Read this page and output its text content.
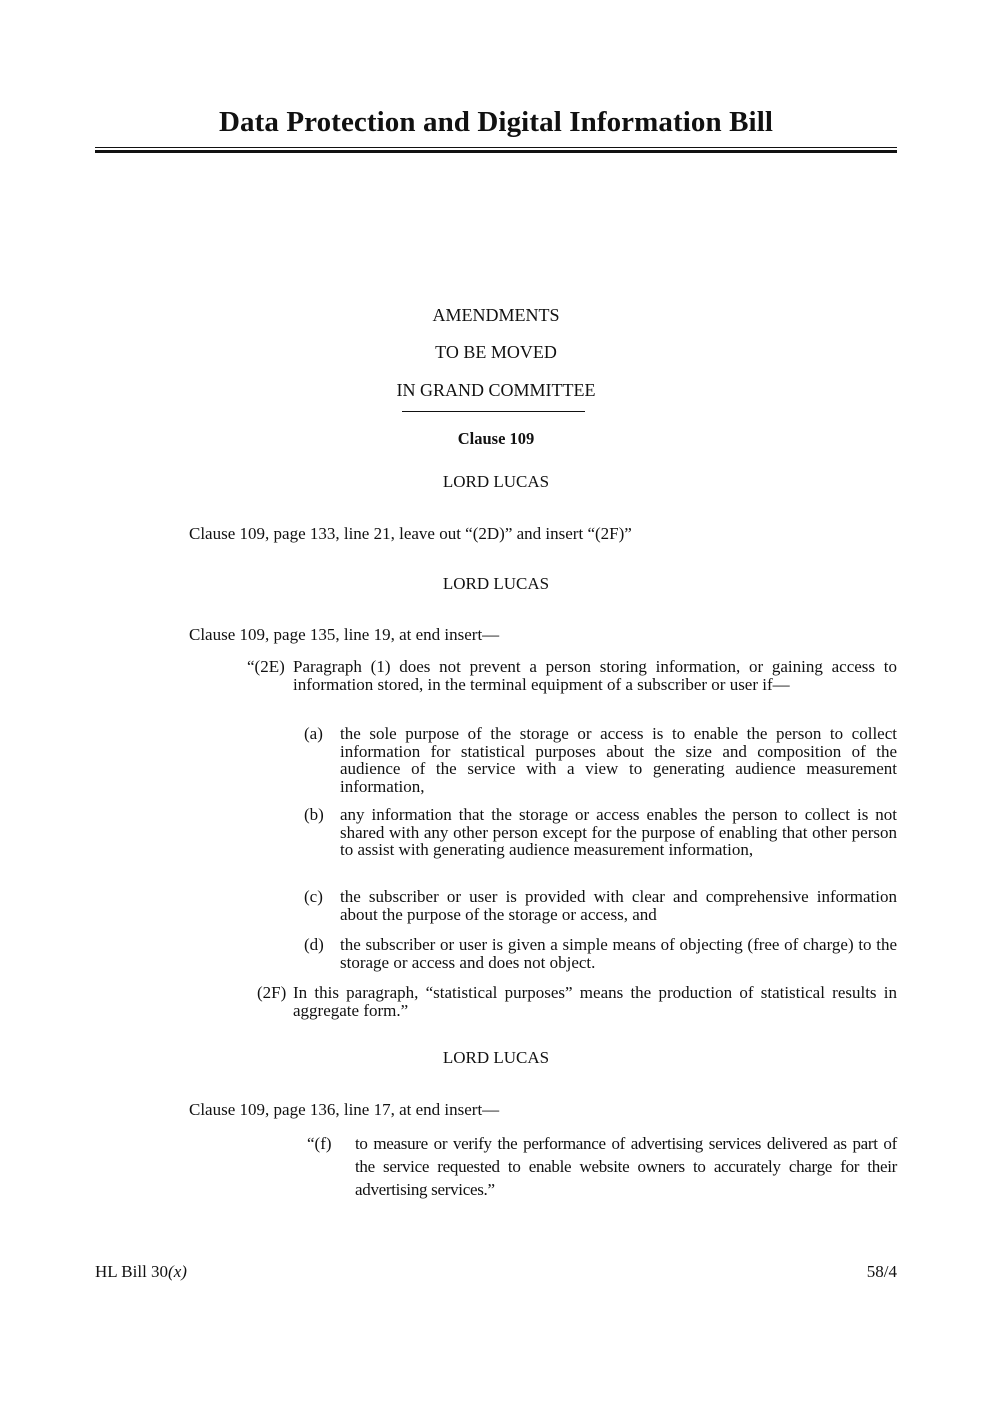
Data Protection and Digital Information Bill
AMENDMENTS
TO BE MOVED
IN GRAND COMMITTEE
Clause 109
LORD LUCAS
Clause 109, page 133, line 21, leave out “(2D)” and insert “(2F)”
LORD LUCAS
Clause 109, page 135, line 19, at end insert—
“(2E) Paragraph (1) does not prevent a person storing information, or gaining access to information stored, in the terminal equipment of a subscriber or user if—
(a) the sole purpose of the storage or access is to enable the person to collect information for statistical purposes about the size and composition of the audience of the service with a view to generating audience measurement information,
(b) any information that the storage or access enables the person to collect is not shared with any other person except for the purpose of enabling that other person to assist with generating audience measurement information,
(c) the subscriber or user is provided with clear and comprehensive information about the purpose of the storage or access, and
(d) the subscriber or user is given a simple means of objecting (free of charge) to the storage or access and does not object.
(2F) In this paragraph, “statistical purposes” means the production of statistical results in aggregate form.”
LORD LUCAS
Clause 109, page 136, line 17, at end insert—
“(f) to measure or verify the performance of advertising services delivered as part of the service requested to enable website owners to accurately charge for their advertising services.”
HL Bill 30(x)	58/4
